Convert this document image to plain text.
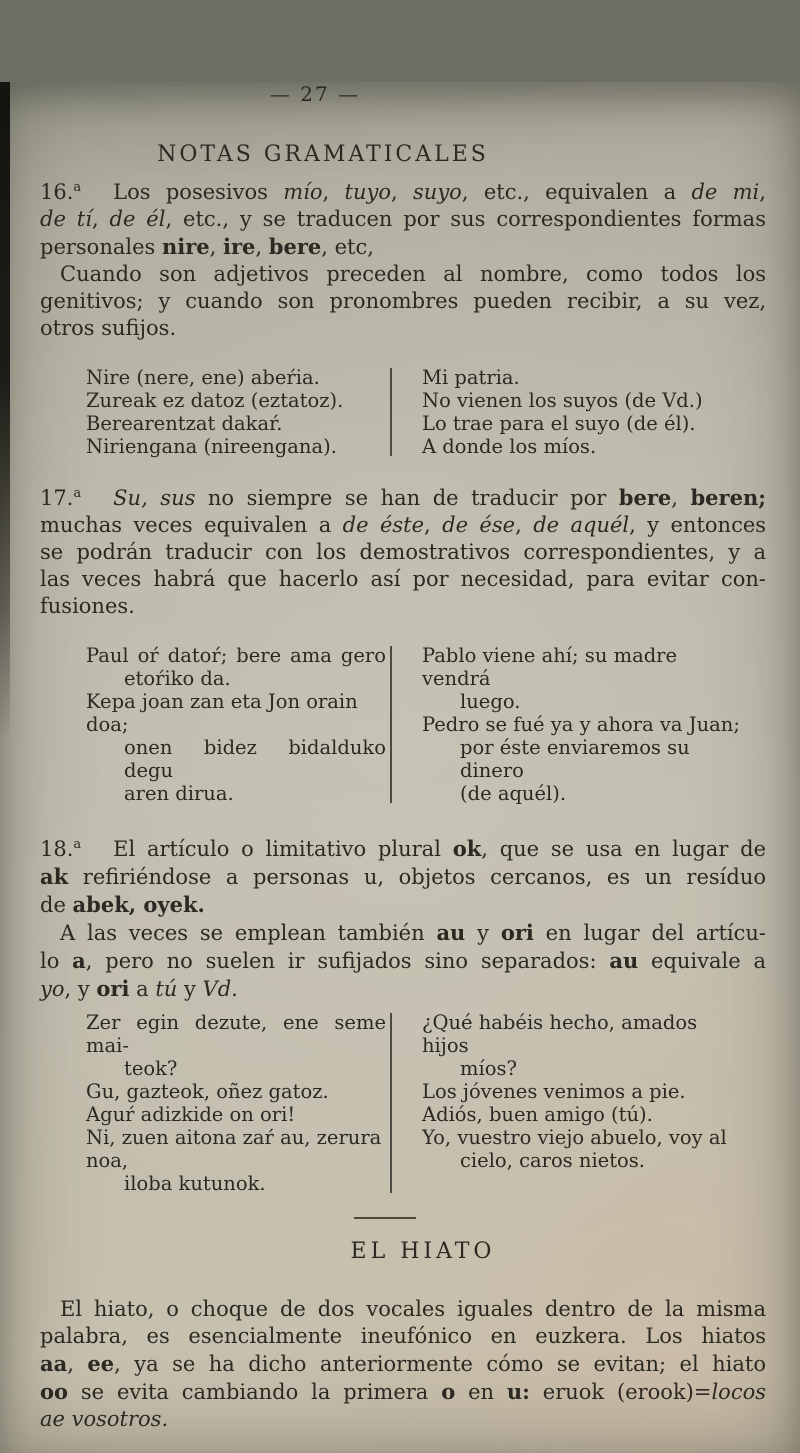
— 27 —
NOTAS GRAMATICALES
16.$^a$ Los posesivos mío, tuyo, suyo, etc., equivalen a de mi,
de tí, de él, etc., y se traducen por sus correspondientes formas
personales nire, ire, bere, etc,
Cuando son adjetivos preceden al nombre, como todos los
genitivos; y cuando son pronombres pueden recibir, a su vez,
otros sufijos.
Nire (nere, ene) abeŕia.
Zureak ez datoz (eztatoz).
Berearentzat dakaŕ.
Niriengana (nireengana).
Mi patria.
No vienen los suyos (de Vd.)
Lo trae para el suyo (de él).
A donde los míos.
17.$^a$ Su, sus no siempre se han de traducir por bere, beren;
muchas veces equivalen a de éste, de ése, de aquél, y entonces
se podrán traducir con los demostrativos correspondientes, y a
las veces habrá que hacerlo así por necesidad, para evitar con-
fusiones.
Paul oŕ datoŕ; bere ama gero
etoŕiko da.
Kepa joan zan eta Jon orain doa;
onen bidez bidalduko degu
aren dirua.
Pablo viene ahí; su madre vendrá
luego.
Pedro se fué ya y ahora va Juan;
por éste enviaremos su dinero
(de aquél).
18.$^a$ El artículo o limitativo plural ok, que se usa en lugar de
ak refiriéndose a personas u, objetos cercanos, es un resíduo
de abek, oyek.
A las veces se emplean también au y ori en lugar del artícu-
lo a, pero no suelen ir sufijados sino separados: au equivale a
yo, y ori a tú y Vd.
Zer egin dezute, ene seme mai-
teok?
Gu, gazteok, oñez gatoz.
Aguŕ adizkide on ori!
Ni, zuen aitona zaŕ au, zerura noa,
iloba kutunok.
¿Qué habéis hecho, amados hijos
míos?
Los jóvenes venimos a pie.
Adiós, buen amigo (tú).
Yo, vuestro viejo abuelo, voy al
cielo, caros nietos.
EL HIATO
El hiato, o choque de dos vocales iguales dentro de la misma
palabra, es esencialmente ineufónico en euzkera. Los hiatos
aa, ee, ya se ha dicho anteriormente cómo se evitan; el hiato
oo se evita cambiando la primera o en u: eruok (erook)=locos
ae vosotros.
